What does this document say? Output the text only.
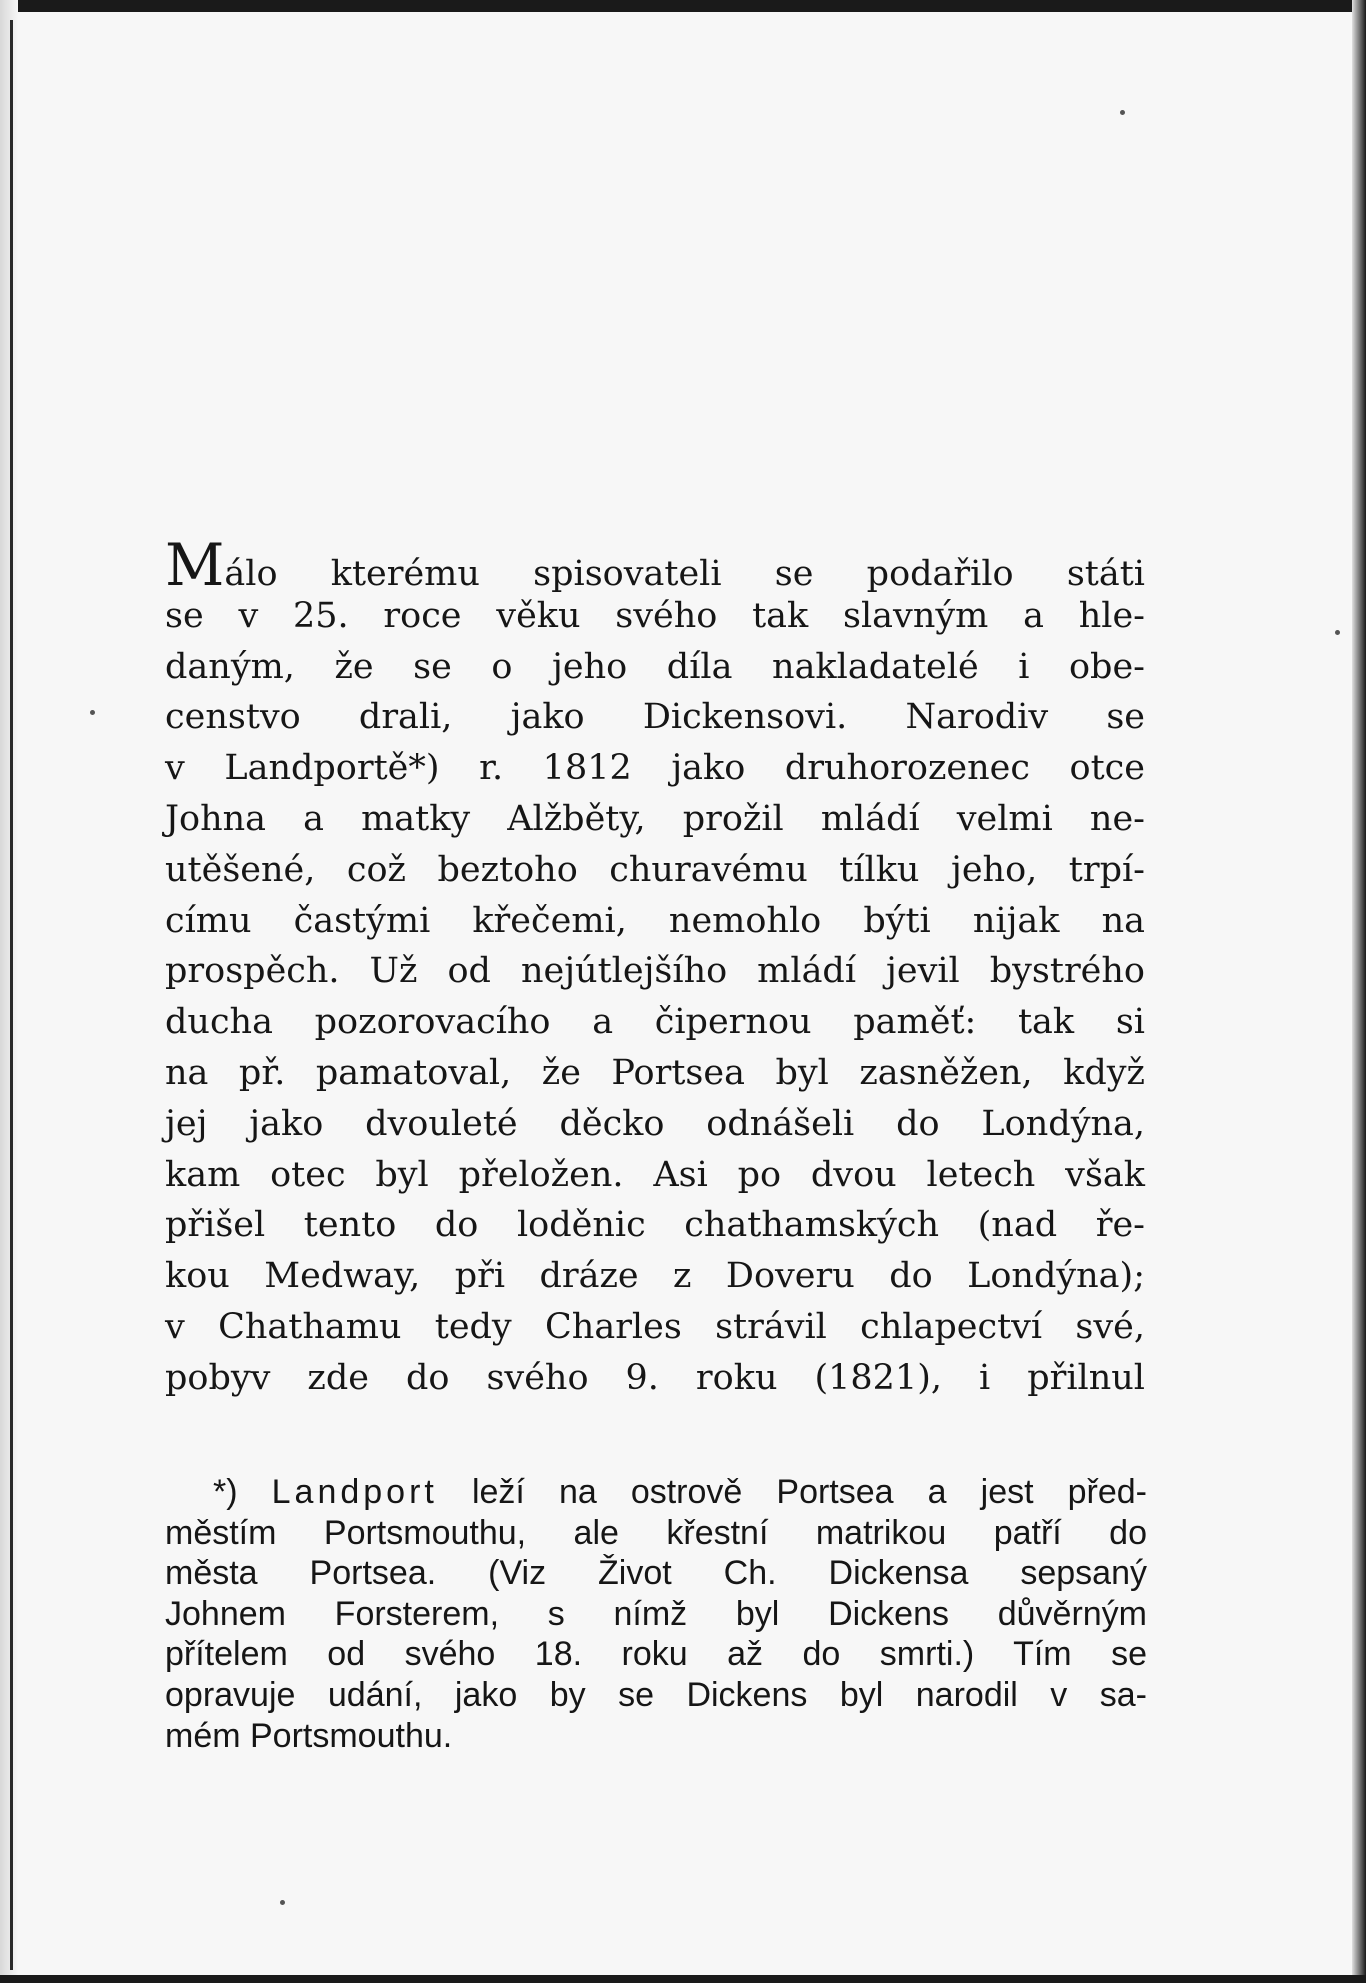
Málo kterému spisovateli se podařilo státi
se v 25. roce věku svého tak slavným a hle-
daným, že se o jeho díla nakladatelé i obe-
censtvo drali, jako Dickensovi. Narodiv se
v Landportě*) r. 1812 jako druhorozenec otce
Johna a matky Alžběty, prožil mládí velmi ne-
utěšené, což beztoho churavému tílku jeho, trpí-
címu častými křečemi, nemohlo býti nijak na
prospěch. Už od nejútlejšího mládí jevil bystrého
ducha pozorovacího a čipernou paměť: tak si
na př. pamatoval, že Portsea byl zasněžen, když
jej jako dvouleté děcko odnášeli do Londýna,
kam otec byl přeložen. Asi po dvou letech však
přišel tento do loděnic chathamských (nad ře-
kou Medway, při dráze z Doveru do Londýna);
v Chathamu tedy Charles strávil chlapectví své,
pobyv zde do svého 9. roku (1821), i přilnul
*) Landport leží na ostrově Portsea a jest před-
městím Portsmouthu, ale křestní matrikou patří do
města Portsea. (Viz Život Ch. Dickensa sepsaný
Johnem Forsterem, s nímž byl Dickens důvěrným
přítelem od svého 18. roku až do smrti.) Tím se
opravuje udání, jako by se Dickens byl narodil v sa-
mém Portsmouthu.
